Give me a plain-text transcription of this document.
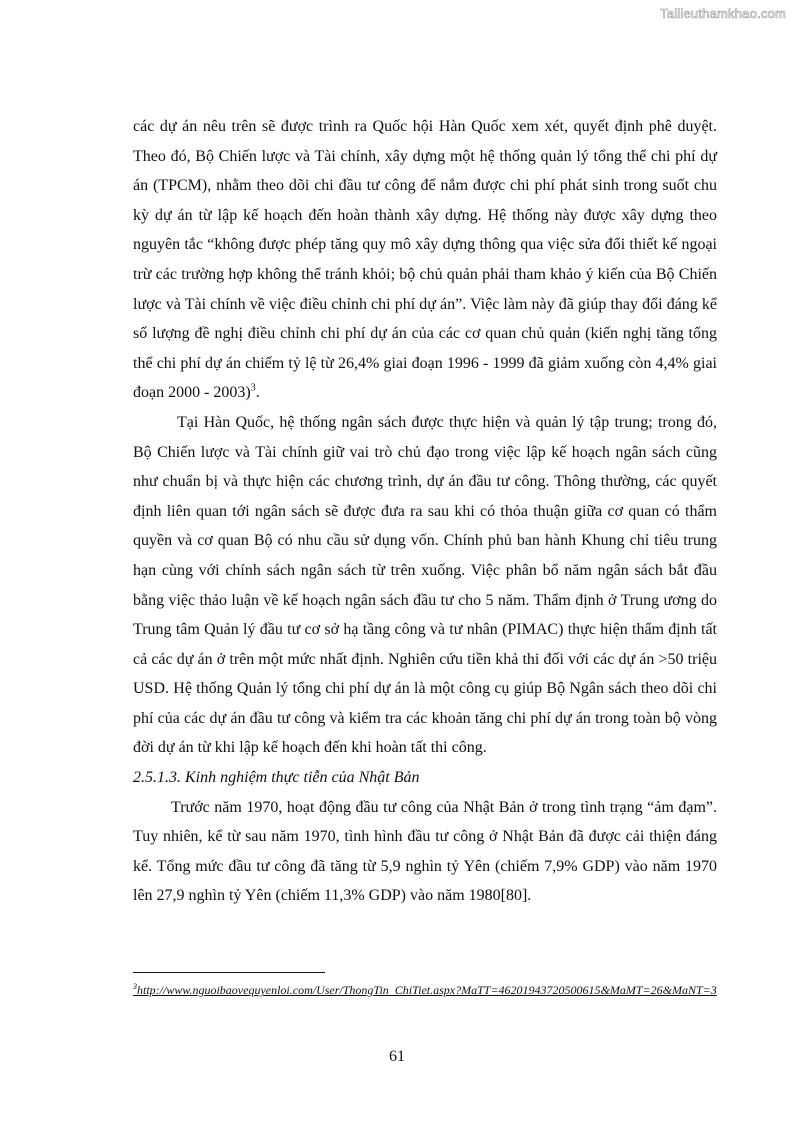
Tailieuthamkhao.com

các dự án nêu trên sẽ được trình ra Quốc hội Hàn Quốc xem xét, quyết định phê duyệt. Theo đó, Bộ Chiến lược và Tài chính, xây dựng một hệ thống quản lý tổng thể chi phí dự án (TPCM), nhằm theo dõi chi đầu tư công để nắm được chi phí phát sinh trong suốt chu kỳ dự án từ lập kế hoạch đến hoàn thành xây dựng. Hệ thống này được xây dựng theo nguyên tắc “không được phép tăng quy mô xây dựng thông qua việc sửa đổi thiết kế ngoại trừ các trường hợp không thể tránh khỏi; bộ chủ quản phải tham khảo ý kiến của Bộ Chiến lược và Tài chính về việc điều chỉnh chi phí dự án”. Việc làm này đã giúp thay đổi đáng kể số lượng đề nghị điều chỉnh chi phí dự án của các cơ quan chủ quản (kiến nghị tăng tổng thể chi phí dự án chiếm tỷ lệ từ 26,4% giai đoạn 1996 - 1999 đã giảm xuống còn 4,4% giai đoạn 2000 - 2003)$^3$.

Tại Hàn Quốc, hệ thống ngân sách được thực hiện và quản lý tập trung; trong đó, Bộ Chiến lược và Tài chính giữ vai trò chủ đạo trong việc lập kế hoạch ngân sách cũng như chuẩn bị và thực hiện các chương trình, dự án đầu tư công. Thông thường, các quyết định liên quan tới ngân sách sẽ được đưa ra sau khi có thỏa thuận giữa cơ quan có thẩm quyền và cơ quan Bộ có nhu cầu sử dụng vốn. Chính phủ ban hành Khung chỉ tiêu trung hạn cùng với chính sách ngân sách từ trên xuống. Việc phân bổ năm ngân sách bắt đầu bằng việc thảo luận về kế hoạch ngân sách đầu tư cho 5 năm. Thẩm định ở Trung ương do Trung tâm Quản lý đầu tư cơ sở hạ tầng công và tư nhân (PIMAC) thực hiện thẩm định tất cả các dự án ở trên một mức nhất định. Nghiên cứu tiền khả thi đối với các dự án >50 triệu USD. Hệ thống Quản lý tổng chi phí dự án là một công cụ giúp Bộ Ngân sách theo dõi chi phí của các dự án đầu tư công và kiểm tra các khoản tăng chi phí dự án trong toàn bộ vòng đời dự án từ khi lập kế hoạch đến khi hoàn tất thi công.

2.5.1.3. Kinh nghiệm thực tiễn của Nhật Bản

Trước năm 1970, hoạt động đầu tư công của Nhật Bản ở trong tình trạng “ảm đạm”. Tuy nhiên, kể từ sau năm 1970, tình hình đầu tư công ở Nhật Bản đã được cải thiện đáng kể. Tổng mức đầu tư công đã tăng từ 5,9 nghìn tỷ Yên (chiếm 7,9% GDP) vào năm 1970 lên 27,9 nghìn tỷ Yên (chiếm 11,3% GDP) vào năm 1980[80].

$^3$http://www.nguoibaovequyenloi.com/User/ThongTin_ChiTiet.aspx?MaTT=46201943720500615&MaMT=26&MaNT=3
61
